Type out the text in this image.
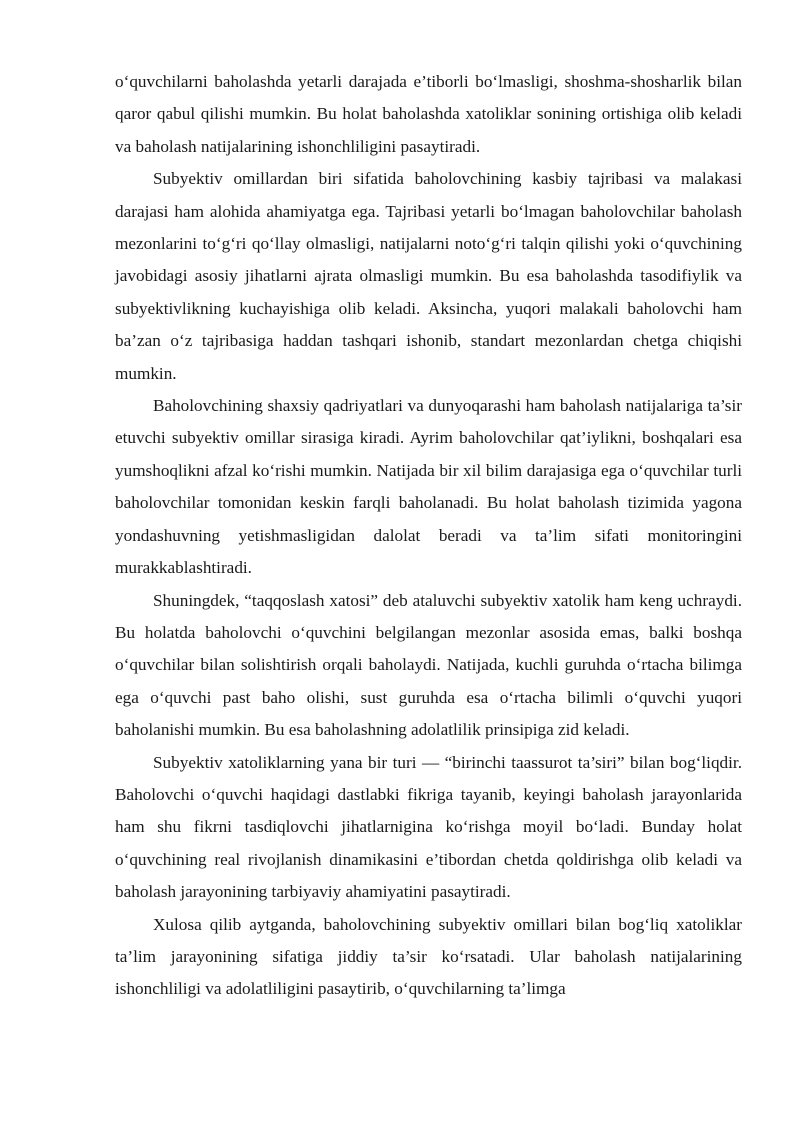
o‘quvchilarni baholashda yetarli darajada e’tiborli bo‘lmasligi, shoshma-shosharlik bilan qaror qabul qilishi mumkin. Bu holat baholashda xatoliklar sonining ortishiga olib keladi va baholash natijalarining ishonchliligini pasaytiradi.

Subyektiv omillardan biri sifatida baholovchining kasbiy tajribasi va malakasi darajasi ham alohida ahamiyatga ega. Tajribasi yetarli bo‘lmagan baholovchilar baholash mezonlarini to‘g‘ri qo‘llay olmasligi, natijalarni noto‘g‘ri talqin qilishi yoki o‘quvchining javobidagi asosiy jihatlarni ajrata olmasligi mumkin. Bu esa baholashda tasodifiylik va subyektivlikning kuchayishiga olib keladi. Aksincha, yuqori malakali baholovchi ham ba’zan o‘z tajribasiga haddan tashqari ishonib, standart mezonlardan chetga chiqishi mumkin.

Baholovchining shaxsiy qadriyatlari va dunyoqarashi ham baholash natijalariga ta’sir etuvchi subyektiv omillar sirasiga kiradi. Ayrim baholovchilar qat’iylikni, boshqalari esa yumshoqlikni afzal ko‘rishi mumkin. Natijada bir xil bilim darajasiga ega o‘quvchilar turli baholovchilar tomonidan keskin farqli baholanadi. Bu holat baholash tizimida yagona yondashuvning yetishmasligidan dalolat beradi va ta’lim sifati monitoringini murakkablashtiradi.

Shuningdek, “taqqoslash xatosi” deb ataluvchi subyektiv xatolik ham keng uchraydi. Bu holatda baholovchi o‘quvchini belgilangan mezonlar asosida emas, balki boshqa o‘quvchilar bilan solishtirish orqali baholaydi. Natijada, kuchli guruhda o‘rtacha bilimga ega o‘quvchi past baho olishi, sust guruhda esa o‘rtacha bilimli o‘quvchi yuqori baholanishi mumkin. Bu esa baholashning adolatlilik prinsipiga zid keladi.

Subyektiv xatoliklarning yana bir turi — “birinchi taassurot ta’siri” bilan bog‘liqdir. Baholovchi o‘quvchi haqidagi dastlabki fikriga tayanib, keyingi baholash jarayonlarida ham shu fikrni tasdiqlovchi jihatlarnigina ko‘rishga moyil bo‘ladi. Bunday holat o‘quvchining real rivojlanish dinamikasini e’tibordan chetda qoldirishga olib keladi va baholash jarayonining tarbiyaviy ahamiyatini pasaytiradi.

Xulosa qilib aytganda, baholovchining subyektiv omillari bilan bog‘liq xatoliklar ta’lim jarayonining sifatiga jiddiy ta’sir ko‘rsatadi. Ular baholash natijalarining ishonchliligi va adolatliligini pasaytirib, o‘quvchilarning ta’limga
